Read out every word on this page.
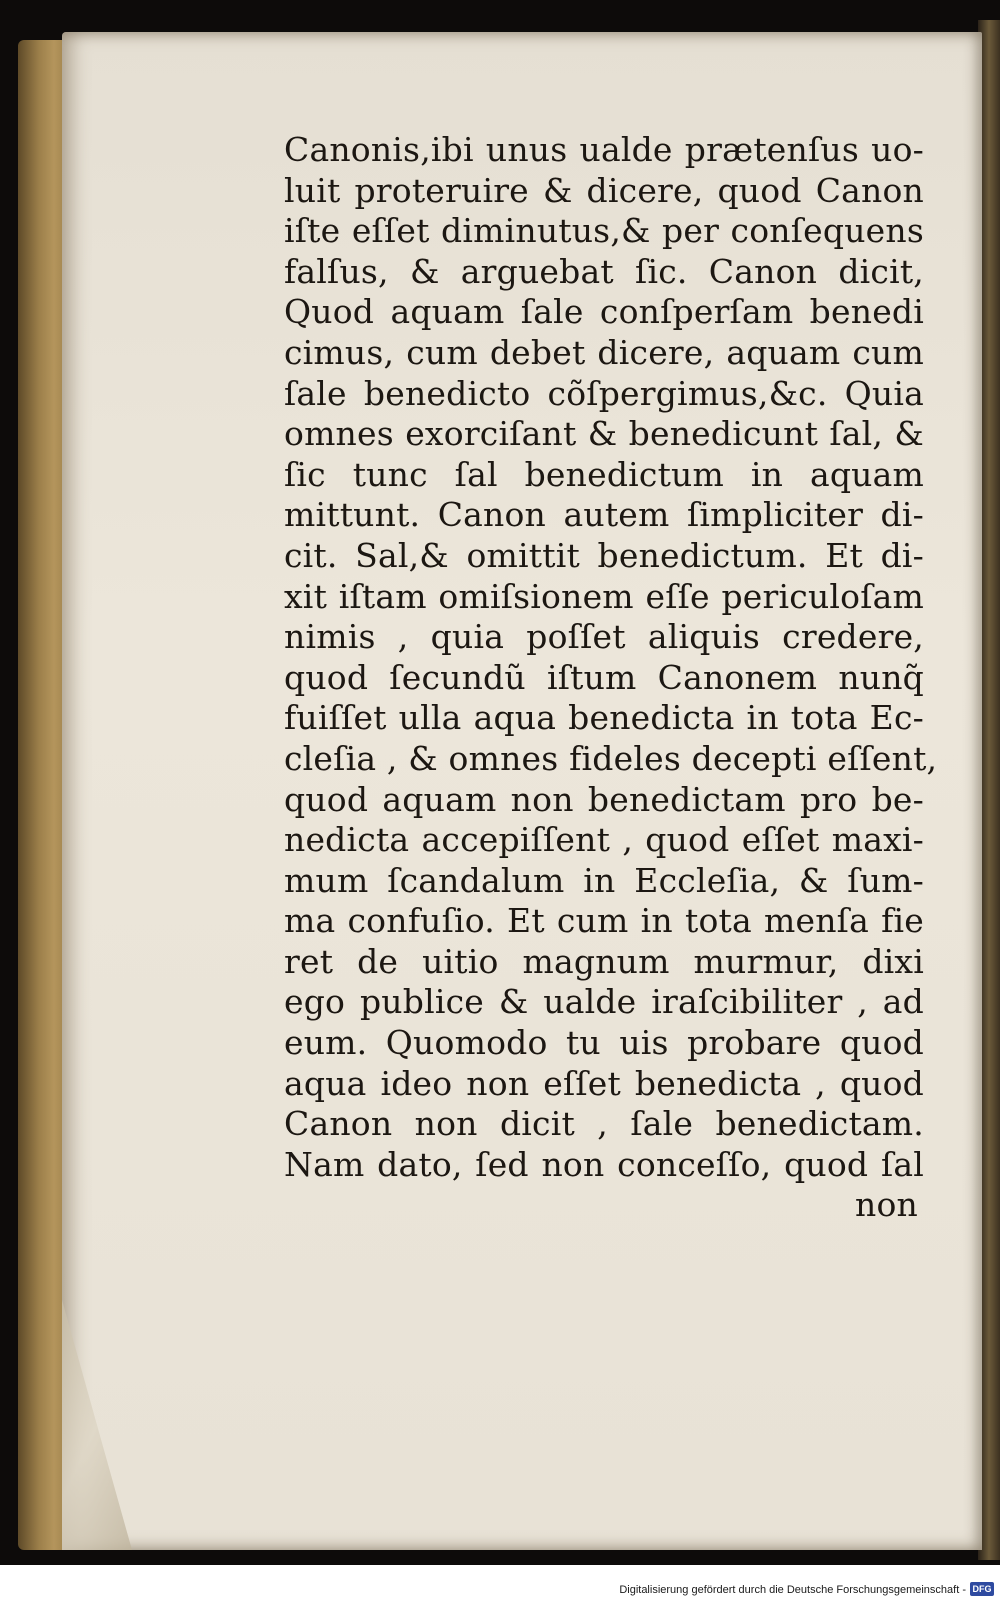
Canonis,ibi unus ualde prætenſus uo-
luit proteruire & dicere, quod Canon
iſte eſſet diminutus,& per conſequens
falſus, & arguebat ſic. Canon dicit,
Quod aquam ſale conſperſam benedi
cimus, cum debet dicere, aquam cum
ſale benedicto cõſpergimus,&c. Quia
omnes exorciſant & benedicunt ſal, &
ſic tunc ſal benedictum in aquam
mittunt. Canon autem ſimpliciter di-
cit. Sal,& omittit benedictum. Et di-
xit iſtam omiſsionem eſſe periculoſam
nimis , quia poſſet aliquis credere,
quod ſecundũ iſtum Canonem nunq̃
fuiſſet ulla aqua benedicta in tota Ec-
cleſia , & omnes fideles decepti eſſent,
quod aquam non benedictam pro be-
nedicta accepiſſent , quod eſſet maxi-
mum ſcandalum in Eccleſia, & ſum-
ma confuſio. Et cum in tota menſa fie
ret de uitio magnum murmur, dixi
ego publice & ualde iraſcibiliter , ad
eum. Quomodo tu uis probare quod
aqua ideo non eſſet benedicta , quod
Canon non dicit , ſale benedictam.
Nam dato, ſed non conceſſo, quod ſal
non
Digitalisierung gefördert durch die Deutsche Forschungsgemeinschaft - DFG
